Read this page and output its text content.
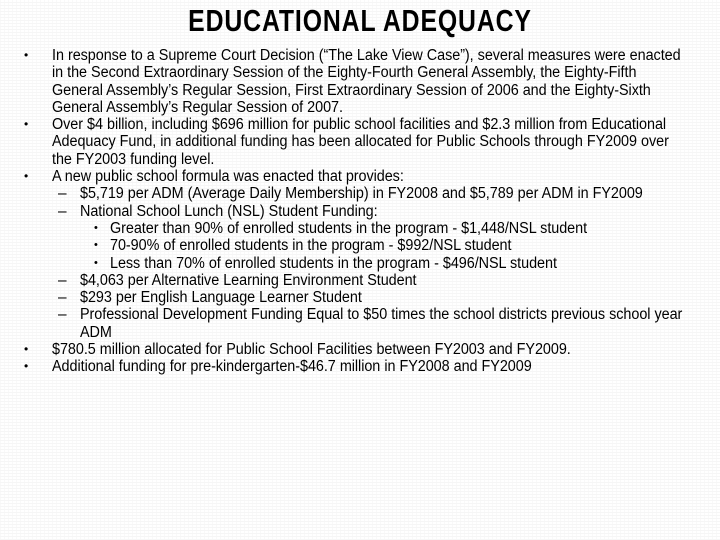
EDUCATIONAL ADEQUACY
•	In response to a Supreme Court Decision (“The Lake View Case”), several measures were enacted in the Second Extraordinary Session of the Eighty-Fourth General Assembly, the Eighty-Fifth General Assembly’s Regular Session, First Extraordinary Session of 2006 and the Eighty-Sixth General Assembly’s Regular Session of 2007.
•	Over $4 billion, including $696 million for public school facilities and $2.3 million from Educational Adequacy Fund, in additional funding has been allocated for Public Schools through FY2009 over the FY2003 funding level.
•	A new public school formula was enacted that provides:
– $5,719 per ADM (Average Daily Membership) in FY2008 and $5,789 per ADM in FY2009
– National School Lunch (NSL) Student Funding:
• Greater than 90% of enrolled students in the program - $1,448/NSL student
• 70-90% of enrolled students in the program - $992/NSL student
• Less than 70% of enrolled students in the program - $496/NSL student
– $4,063 per Alternative Learning Environment Student
– $293 per English Language Learner Student
– Professional Development Funding Equal to $50 times the school districts previous school year ADM
•	$780.5 million allocated for Public School Facilities between FY2003 and FY2009.
•	Additional funding for pre-kindergarten-$46.7 million in FY2008 and FY2009
